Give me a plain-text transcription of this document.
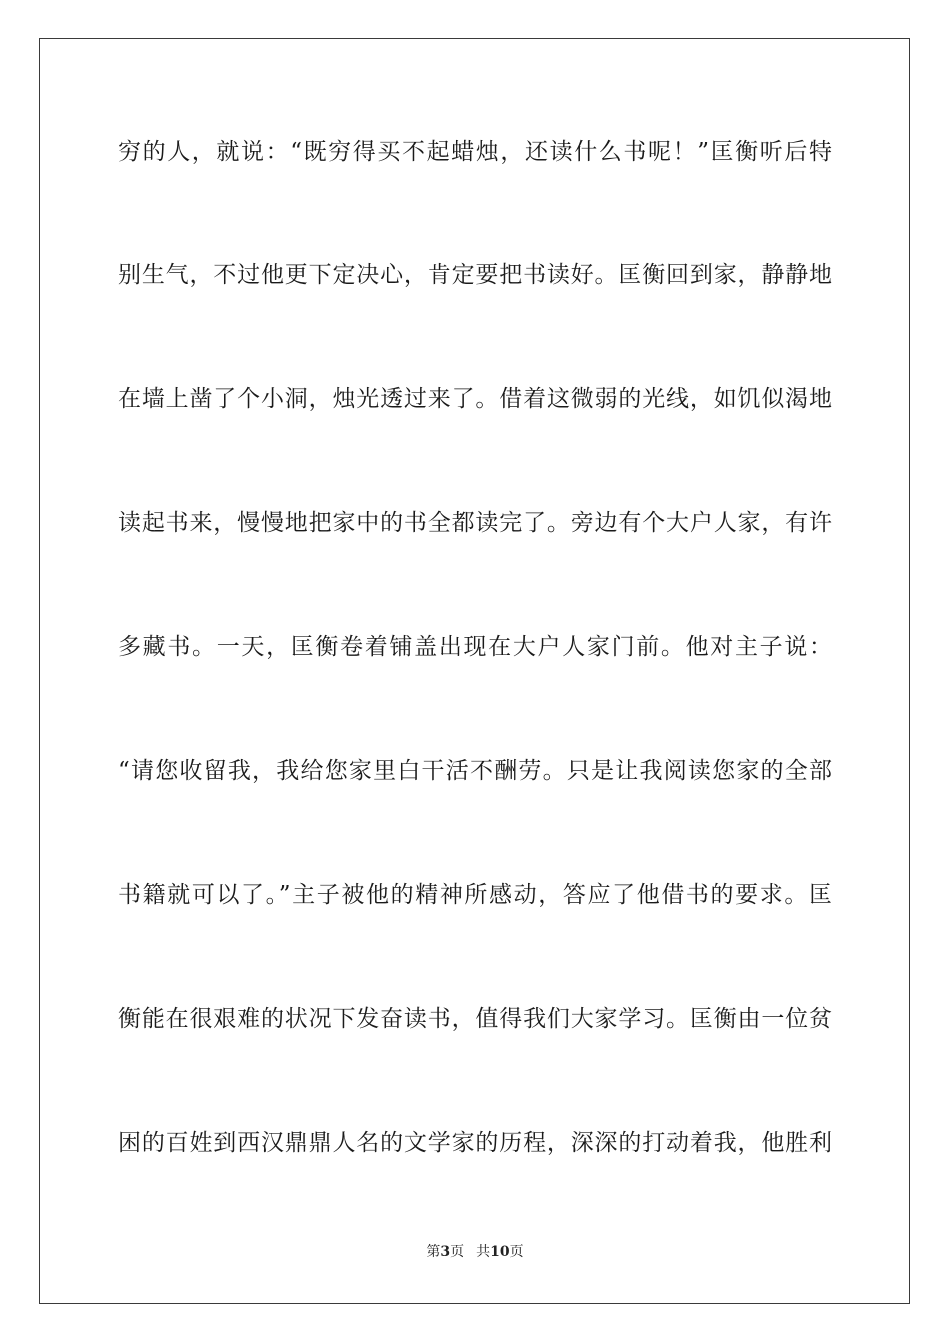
穷的人，就说：“既穷得买不起蜡烛，还读什么书呢！”匡衡听后特
别生气，不过他更下定决心，肯定要把书读好。匡衡回到家，静静地
在墙上凿了个小洞，烛光透过来了。借着这微弱的光线，如饥似渴地
读起书来，慢慢地把家中的书全都读完了。旁边有个大户人家，有许
多藏书。一天，匡衡卷着铺盖出现在大户人家门前。他对主子说：
“请您收留我，我给您家里白干活不酬劳。只是让我阅读您家的全部
书籍就可以了。”主子被他的精神所感动，答应了他借书的要求。匡
衡能在很艰难的状况下发奋读书，值得我们大家学习。匡衡由一位贫
困的百姓到西汉鼎鼎人名的文学家的历程，深深的打动着我，他胜利
第3页 共10页
